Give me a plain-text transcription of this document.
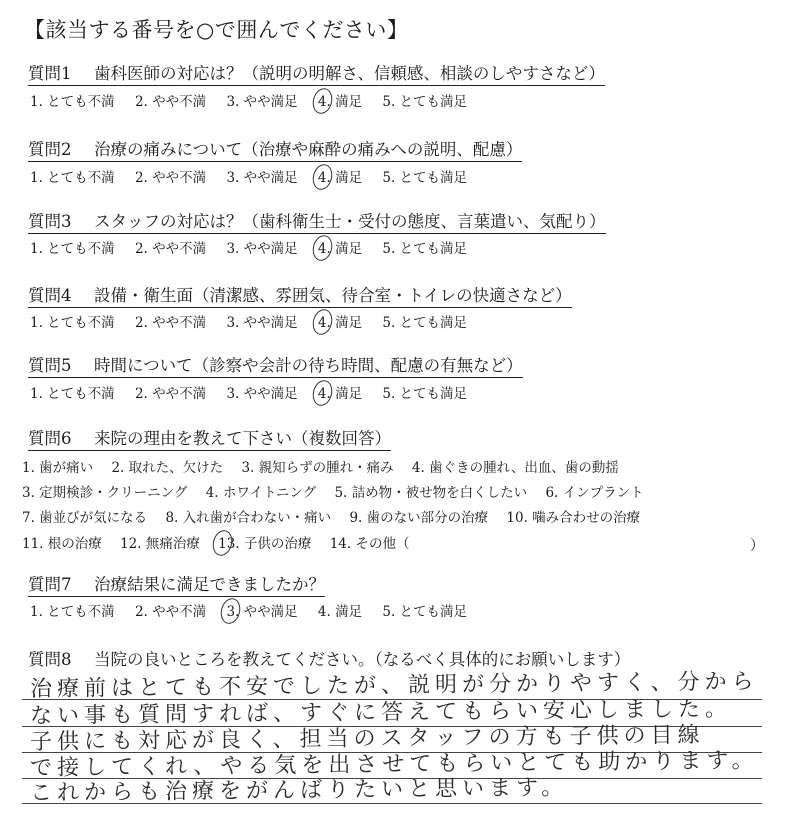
【該当する番号を○で囲んでください】
質問1 歯科医師の対応は？（説明の明解さ、信頼感、相談のしやすさなど）
1. とても不満 2. やや不満 3. やや満足 4. 満足 5. とても満足
質問2 治療の痛みについて（治療や麻酔の痛みへの説明、配慮）
1. とても不満 2. やや不満 3. やや満足 4. 満足 5. とても満足
質問3 スタッフの対応は？（歯科衛生士・受付の態度、言葉遣い、気配り）
1. とても不満 2. やや不満 3. やや満足 4. 満足 5. とても満足
質問4 設備・衛生面（清潔感、雰囲気、待合室・トイレの快適さなど）
1. とても不満 2. やや不満 3. やや満足 4. 満足 5. とても満足
質問5 時間について（診察や会計の待ち時間、配慮の有無など）
1. とても不満 2. やや不満 3. やや満足 4. 満足 5. とても満足
質問6 来院の理由を教えて下さい（複数回答）
1. 歯が痛い 2. 取れた、欠けた 3. 親知らずの腫れ・痛み 4. 歯ぐきの腫れ、出血、歯の動揺
3. 定期検診・クリーニング 4. ホワイトニング 5. 詰め物・被せ物を白くしたい 6. インプラント
7. 歯並びが気になる 8. 入れ歯が合わない・痛い 9. 歯のない部分の治療 10. 噛み合わせの治療
11. 根の治療 12. 無痛治療 13. 子供の治療 14. その他（	）
質問7 治療結果に満足できましたか？
1. とても不満 2. やや不満 3. やや満足 4. 満足 5. とても満足
質問8 当院の良いところを教えてください。（なるべく具体的にお願いします）
治療前はとても不安でしたが、説明が分かりやすく、分から
ない事も質問すれば、すぐに答えてもらい安心しました。
子供にも対応が良く、担当のスタッフの方も子供の目線
で接してくれ、やる気を出させてもらいとても助かります。
これからも治療をがんばりたいと思います。
